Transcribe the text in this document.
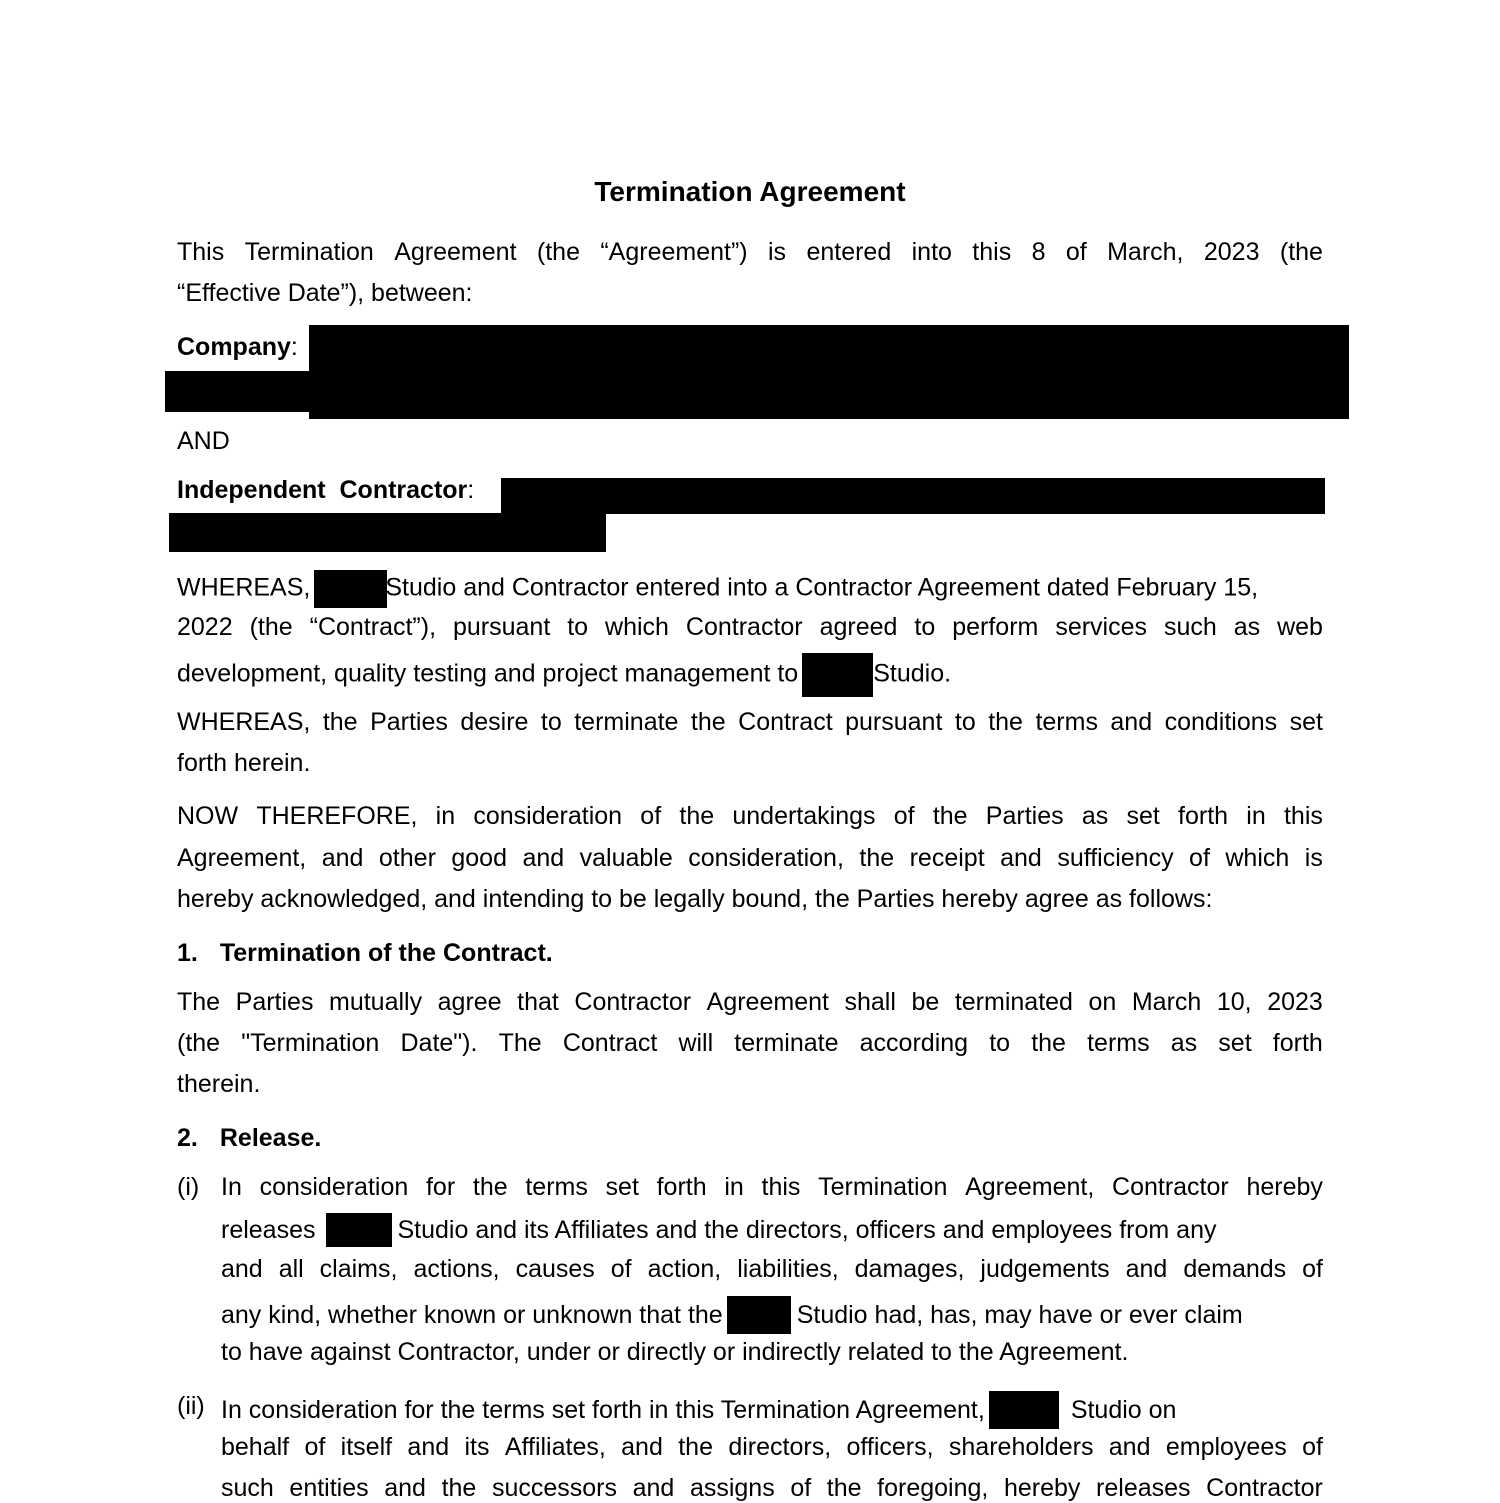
Termination Agreement
This Termination Agreement (the “Agreement”) is entered into this 8 of March, 2023 (the
“Effective Date”), between:
Company:
AND
Independent  Contractor:
WHEREAS,	Studio and Contractor entered into a Contractor Agreement dated February 15,
2022 (the “Contract”), pursuant to which Contractor agreed to perform services such as web
development, quality testing and project management to	Studio.
WHEREAS, the Parties desire to terminate the Contract pursuant to the terms and conditions set
forth herein.
NOW THEREFORE, in consideration of the undertakings of the Parties as set forth in this
Agreement, and other good and valuable consideration, the receipt and sufficiency of which is
hereby acknowledged, and intending to be legally bound, the Parties hereby agree as follows:
1. Termination of the Contract.
The Parties mutually agree that Contractor Agreement shall be terminated on March 10, 2023
(the "Termination Date"). The Contract will terminate according to the terms as set forth
therein.
2. Release.
(i) In consideration for the terms set forth in this Termination Agreement, Contractor hereby
releases	Studio and its Affiliates and the directors, officers and employees from any
and all claims, actions, causes of action, liabilities, damages, judgements and demands of
any kind, whether known or unknown that the	Studio had, has, may have or ever claim
to have against Contractor, under or directly or indirectly related to the Agreement.
(ii) In consideration for the terms set forth in this Termination Agreement,	Studio on
behalf of itself and its Affiliates, and the directors, officers, shareholders and employees of
such entities and the successors and assigns of the foregoing, hereby releases Contractor
